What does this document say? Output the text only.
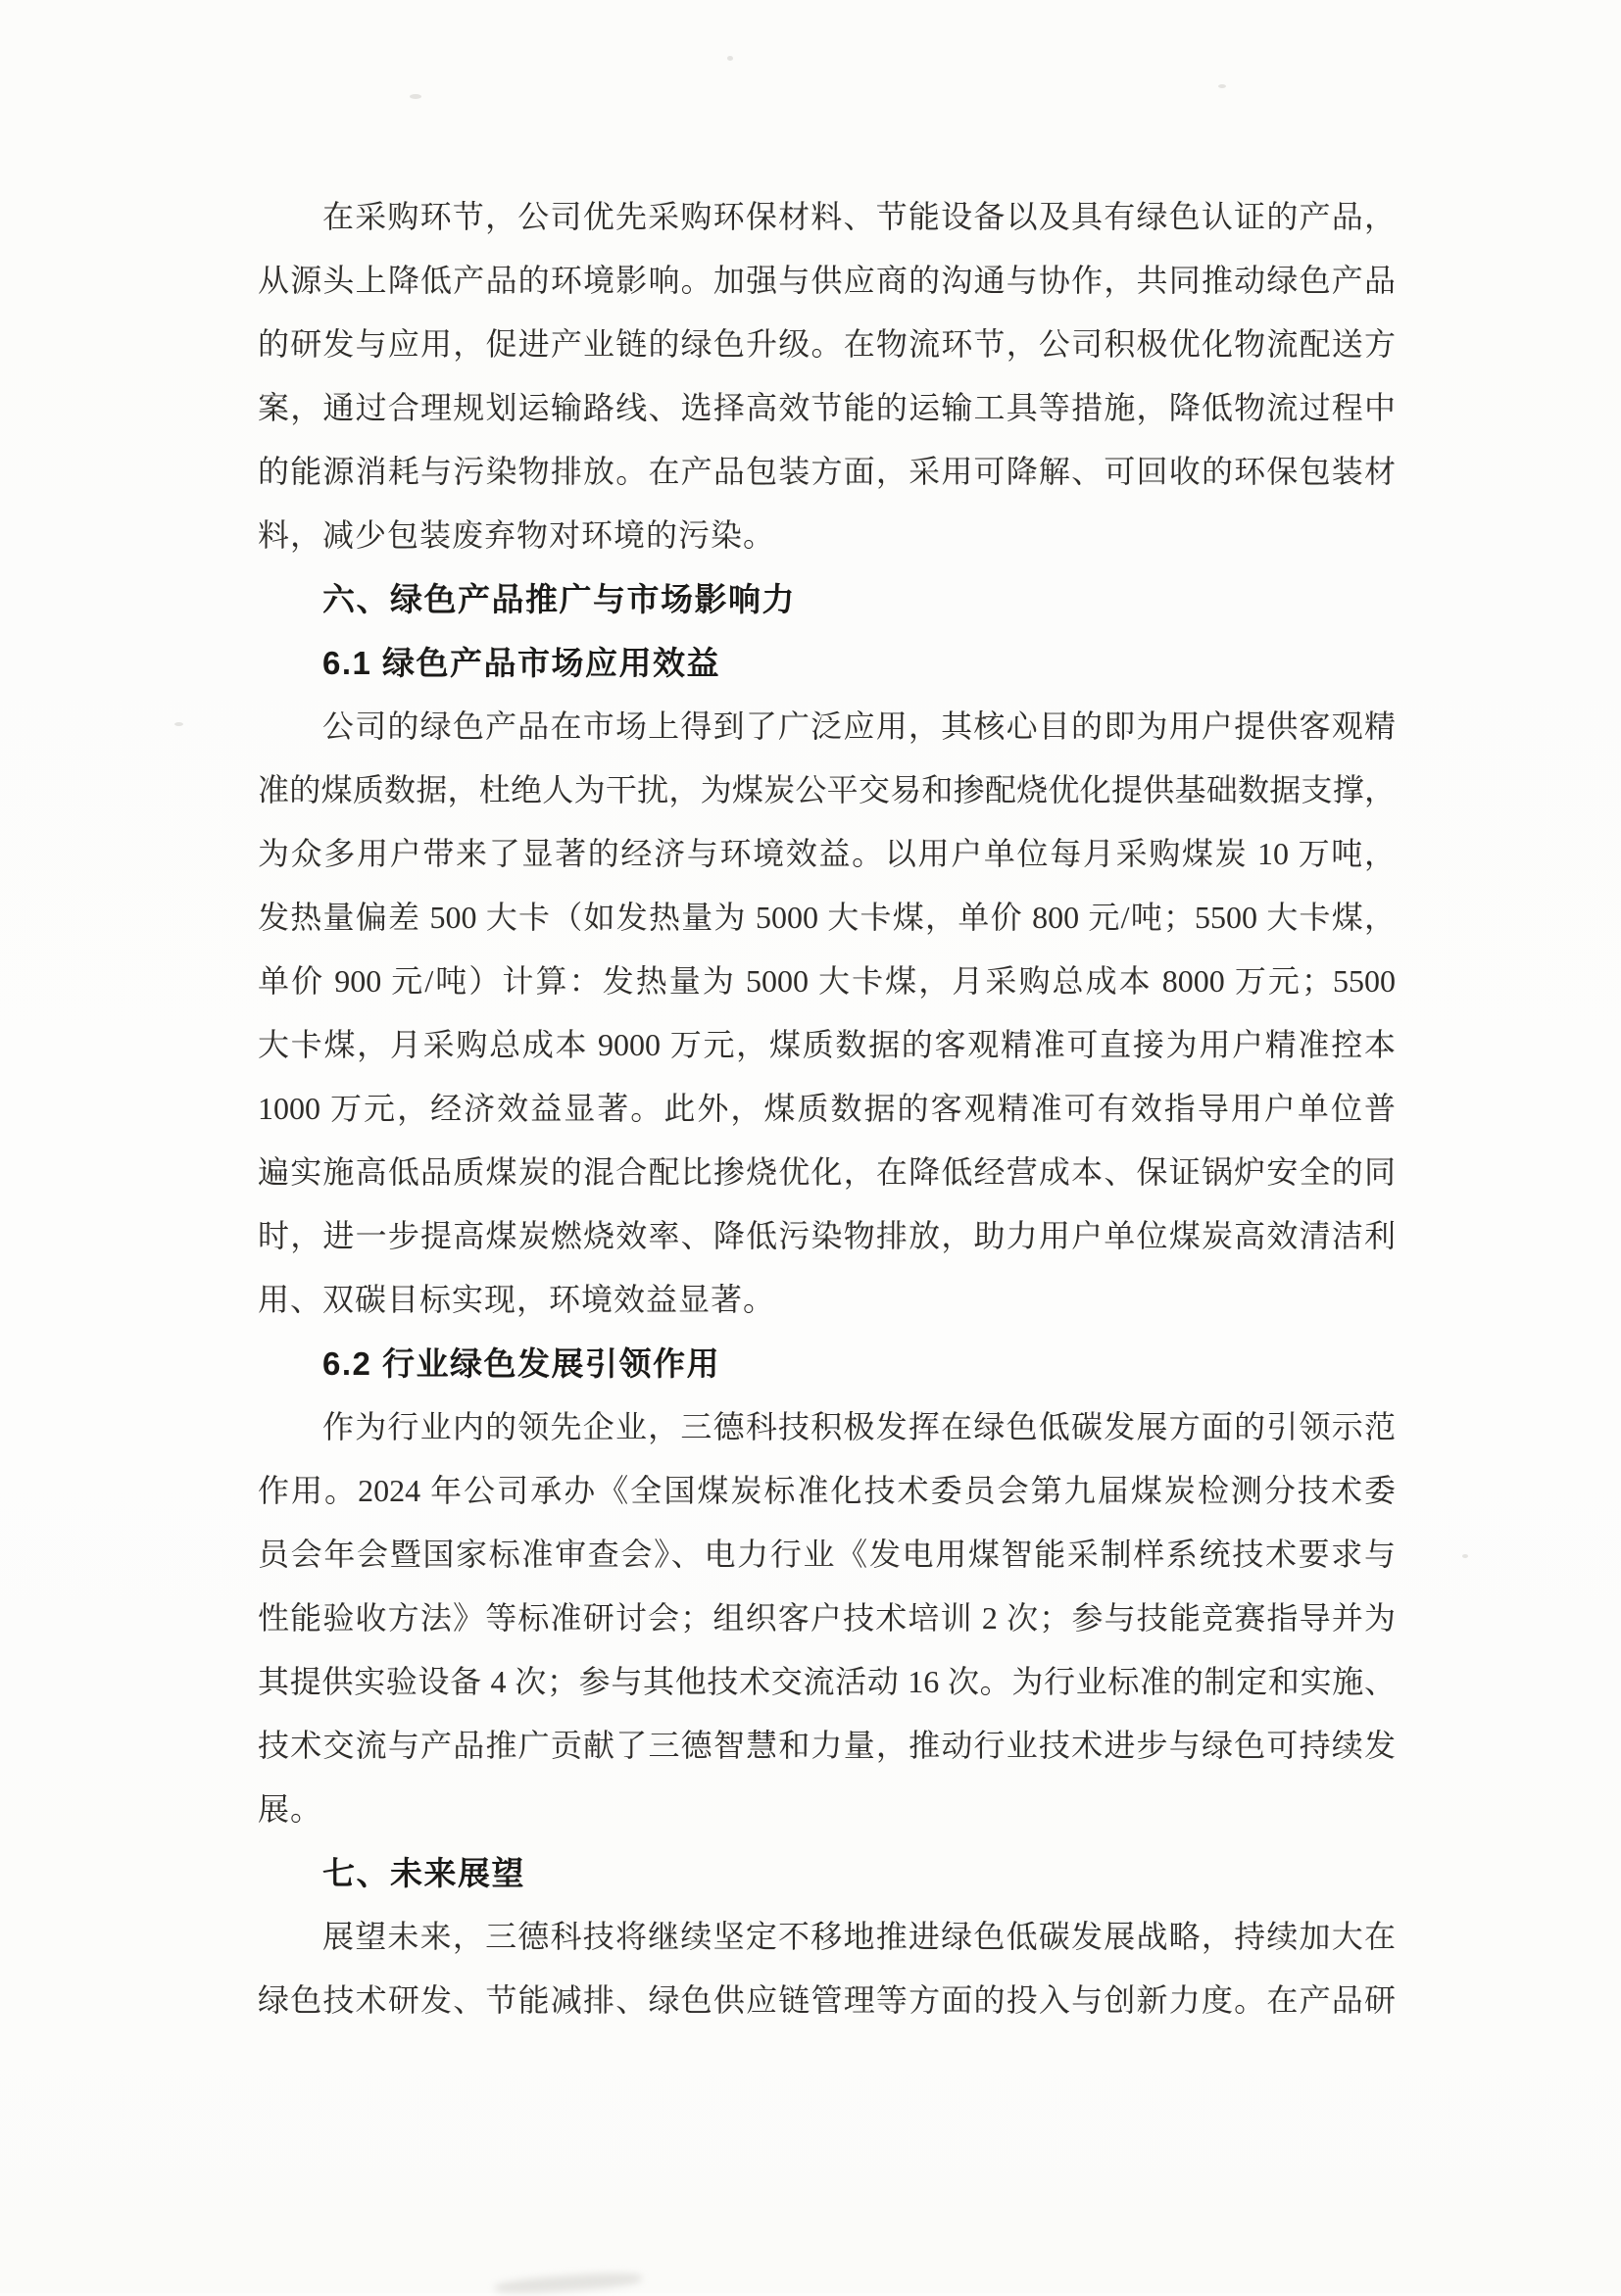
在采购环节，公司优先采购环保材料、节能设备以及具有绿色认证的产品，
从源头上降低产品的环境影响。加强与供应商的沟通与协作，共同推动绿色产品
的研发与应用，促进产业链的绿色升级。在物流环节，公司积极优化物流配送方
案，通过合理规划运输路线、选择高效节能的运输工具等措施，降低物流过程中
的能源消耗与污染物排放。在产品包装方面，采用可降解、可回收的环保包装材
料，减少包装废弃物对环境的污染。
六、绿色产品推广与市场影响力
6.1 绿色产品市场应用效益
公司的绿色产品在市场上得到了广泛应用，其核心目的即为用户提供客观精
准的煤质数据，杜绝人为干扰，为煤炭公平交易和掺配烧优化提供基础数据支撑，
为众多用户带来了显著的经济与环境效益。以用户单位每月采购煤炭 10 万吨，
发热量偏差 500 大卡（如发热量为 5000 大卡煤，单价 800 元/吨；5500 大卡煤，
单价 900 元/吨）计算：发热量为 5000 大卡煤，月采购总成本 8000 万元；5500
大卡煤，月采购总成本 9000 万元，煤质数据的客观精准可直接为用户精准控本
1000 万元，经济效益显著。此外，煤质数据的客观精准可有效指导用户单位普
遍实施高低品质煤炭的混合配比掺烧优化，在降低经营成本、保证锅炉安全的同
时，进一步提高煤炭燃烧效率、降低污染物排放，助力用户单位煤炭高效清洁利
用、双碳目标实现，环境效益显著。
6.2 行业绿色发展引领作用
作为行业内的领先企业，三德科技积极发挥在绿色低碳发展方面的引领示范
作用。2024 年公司承办《全国煤炭标准化技术委员会第九届煤炭检测分技术委
员会年会暨国家标准审查会》、电力行业《发电用煤智能采制样系统技术要求与
性能验收方法》等标准研讨会；组织客户技术培训 2 次；参与技能竞赛指导并为
其提供实验设备 4 次；参与其他技术交流活动 16 次。为行业标准的制定和实施、
技术交流与产品推广贡献了三德智慧和力量，推动行业技术进步与绿色可持续发
展。
七、未来展望
展望未来，三德科技将继续坚定不移地推进绿色低碳发展战略，持续加大在
绿色技术研发、节能减排、绿色供应链管理等方面的投入与创新力度。在产品研
